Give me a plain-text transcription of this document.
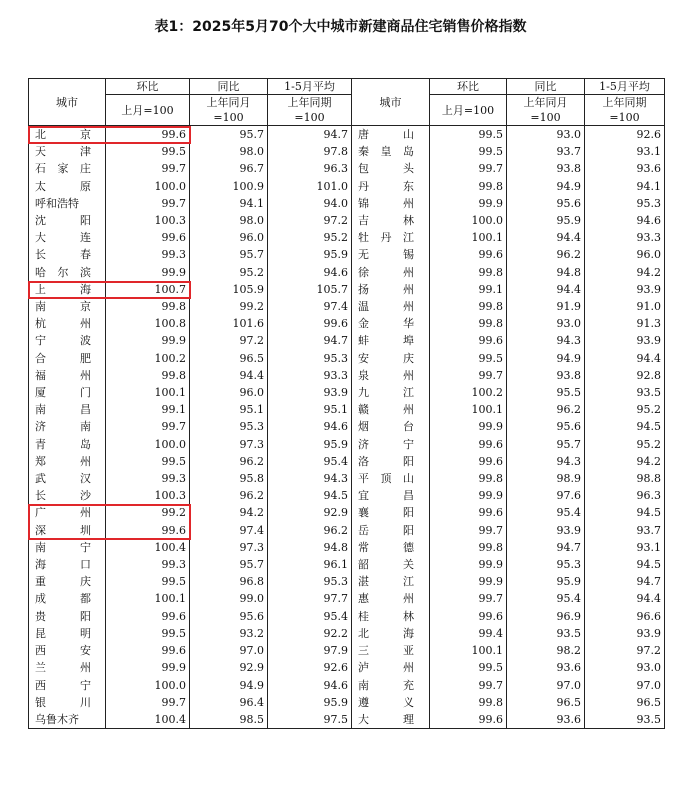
表1：2025年5月70个大中城市新建商品住宅销售价格指数
城市	环比	同比	1-5月平均	城市	环比	同比	1-5月平均
	上月=100	上年同月	上年同期		上月=100	上年同月	上年同期
		=100	=100			=100	=100

北 京	99.6	95.7	94.7	唐 山	99.5	93.0	92.6

天 津	99.5	98.0	97.8	秦 皇 岛	99.5	93.7	93.1

石 家 庄	99.7	96.7	96.3	包 头	99.7	93.8	93.6

太 原	100.0	100.9	101.0	丹 东	99.8	94.9	94.1

呼和浩特	99.7	94.1	94.0	锦 州	99.9	95.6	95.3

沈 阳	100.3	98.0	97.2	吉 林	100.0	95.9	94.6

大 连	99.6	96.0	95.2	牡 丹 江	100.1	94.4	93.3

长 春	99.3	95.7	95.9	无 锡	99.6	96.2	96.0

哈 尔 滨	99.9	95.2	94.6	徐 州	99.8	94.8	94.2

上 海	100.7	105.9	105.7	扬 州	99.1	94.4	93.9

南 京	99.8	99.2	97.4	温 州	99.8	91.9	91.0

杭 州	100.8	101.6	99.6	金 华	99.8	93.0	91.3

宁 波	99.9	97.2	94.7	蚌 埠	99.6	94.3	93.9

合 肥	100.2	96.5	95.3	安 庆	99.5	94.9	94.4

福 州	99.8	94.4	93.3	泉 州	99.7	93.8	92.8

厦 门	100.1	96.0	93.9	九 江	100.2	95.5	93.5

南 昌	99.1	95.1	95.1	赣 州	100.1	96.2	95.2

济 南	99.7	95.3	94.6	烟 台	99.9	95.6	94.5

青 岛	100.0	97.3	95.9	济 宁	99.6	95.7	95.2

郑 州	99.5	96.2	95.4	洛 阳	99.6	94.3	94.2

武 汉	99.3	95.8	94.3	平 顶 山	99.8	98.9	98.8

长 沙	100.3	96.2	94.5	宜 昌	99.9	97.6	96.3

广 州	99.2	94.2	92.9	襄 阳	99.6	95.4	94.5

深 圳	99.6	97.4	96.2	岳 阳	99.7	93.9	93.7

南 宁	100.4	97.3	94.8	常 德	99.8	94.7	93.1

海 口	99.3	95.7	96.1	韶 关	99.9	95.3	94.5

重 庆	99.5	96.8	95.3	湛 江	99.9	95.9	94.7

成 都	100.1	99.0	97.7	惠 州	99.7	95.4	94.4

贵 阳	99.6	95.6	95.4	桂 林	99.6	96.9	96.6

昆 明	99.5	93.2	92.2	北 海	99.4	93.5	93.9

西 安	99.6	97.0	97.9	三 亚	100.1	98.2	97.2

兰 州	99.9	92.9	92.6	泸 州	99.5	93.6	93.0

西 宁	100.0	94.9	94.6	南 充	99.7	97.0	97.0

银 川	99.7	96.4	95.9	遵 义	99.8	96.5	96.5

乌鲁木齐	100.4	98.5	97.5	大 理	99.6	93.6	93.5
